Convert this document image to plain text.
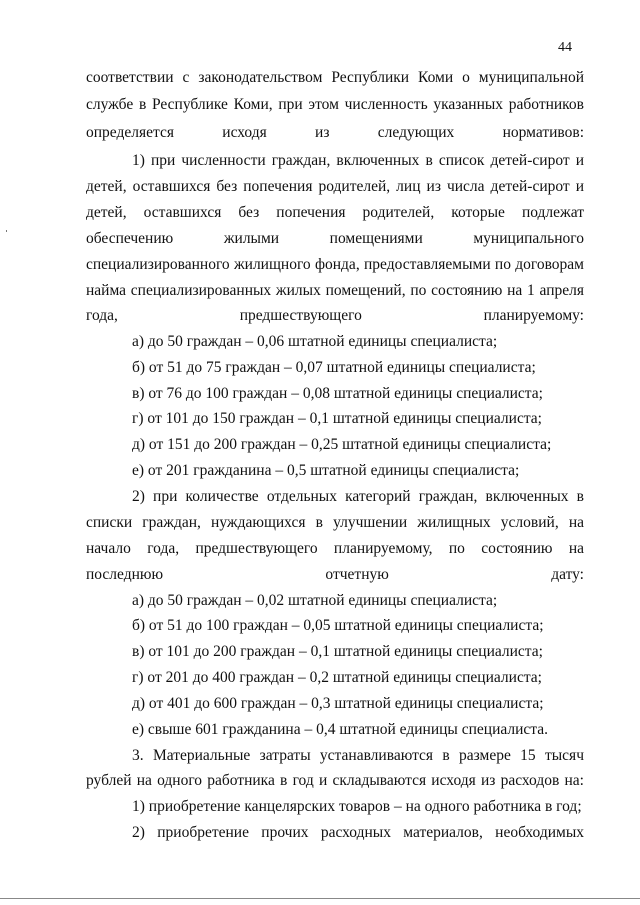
44
соответствии с законодательством Республики Коми о муниципальной
службе в Республике Коми, при этом численность указанных работников
определяется исходя из следующих нормативов:
1) при численности граждан, включенных в список детей-сирот и
детей, оставшихся без попечения родителей, лиц из числа детей-сирот и
детей, оставшихся без попечения родителей, которые подлежат
обеспечению жилыми помещениями муниципального
специализированного жилищного фонда, предоставляемыми по договорам
найма специализированных жилых помещений, по состоянию на 1 апреля
года, предшествующего планируемому:
а) до 50 граждан – 0,06 штатной единицы специалиста;
б) от 51 до 75 граждан – 0,07 штатной единицы специалиста;
в) от 76 до 100 граждан – 0,08 штатной единицы специалиста;
г) от 101 до 150 граждан – 0,1 штатной единицы специалиста;
д) от 151 до 200 граждан – 0,25 штатной единицы специалиста;
е) от 201 гражданина – 0,5 штатной единицы специалиста;
2) при количестве отдельных категорий граждан, включенных в
списки граждан, нуждающихся в улучшении жилищных условий, на
начало года, предшествующего планируемому, по состоянию на
последнюю отчетную дату:
а) до 50 граждан – 0,02 штатной единицы специалиста;
б) от 51 до 100 граждан – 0,05 штатной единицы специалиста;
в) от 101 до 200 граждан – 0,1 штатной единицы специалиста;
г) от 201 до 400 граждан – 0,2 штатной единицы специалиста;
д) от 401 до 600 граждан – 0,3 штатной единицы специалиста;
е) свыше 601 гражданина – 0,4 штатной единицы специалиста.
3. Материальные затраты устанавливаются в размере 15 тысяч
рублей на одного работника в год и складываются исходя из расходов на:
1) приобретение канцелярских товаров – на одного работника в год;
2) приобретение прочих расходных материалов, необходимых
